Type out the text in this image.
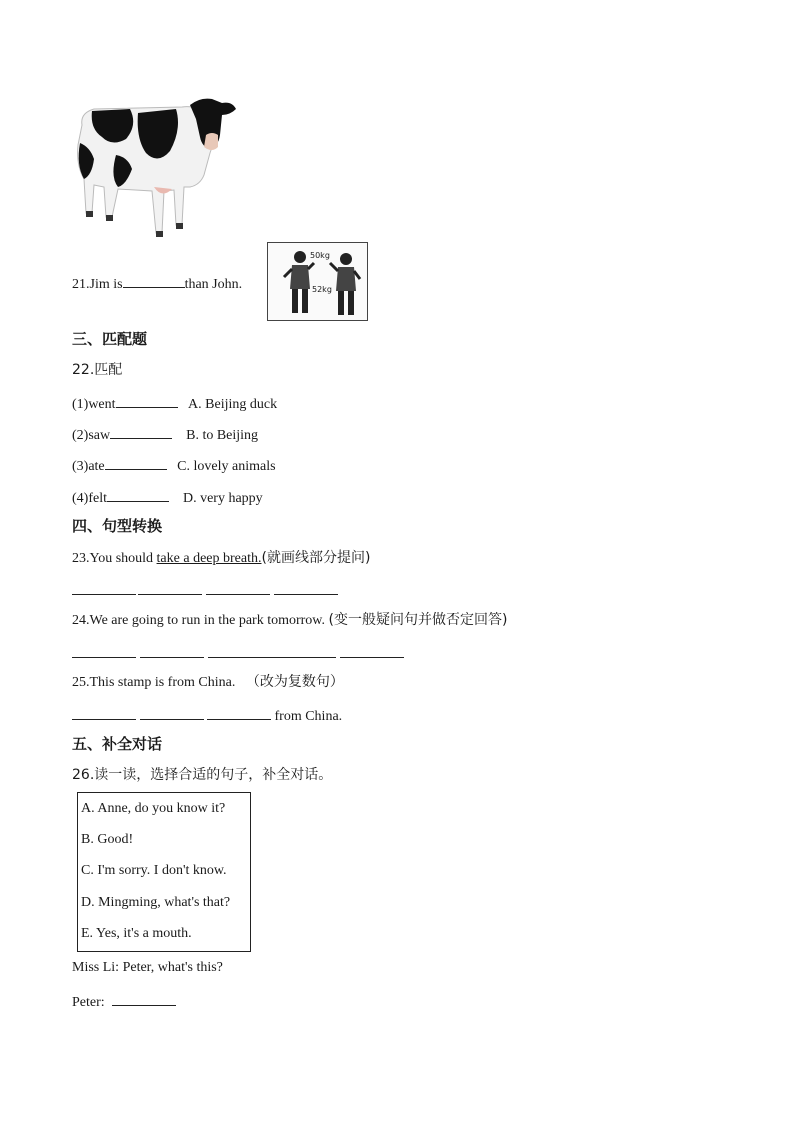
21.Jim is	than John.
50kg
52kg
三、匹配题
22.匹配
(1)went	A. Beijing duck
(2)saw	B. to Beijing
(3)ate	C. lovely animals
(4)felt	D. very happy
四、句型转换
23.You should take a deep breath.(就画线部分提问)
24.We are going to run in the park tomorrow. (变一般疑问句并做否定回答)
25.This stamp is from China. （改为复数句）
from China.
五、补全对话
26.读一读，选择合适的句子，补全对话。
A. Anne, do you know it?
B. Good!
C. I'm sorry. I don't know.
D. Mingming, what's that?
E. Yes, it's a mouth.
Miss Li: Peter, what's this?
Peter:
